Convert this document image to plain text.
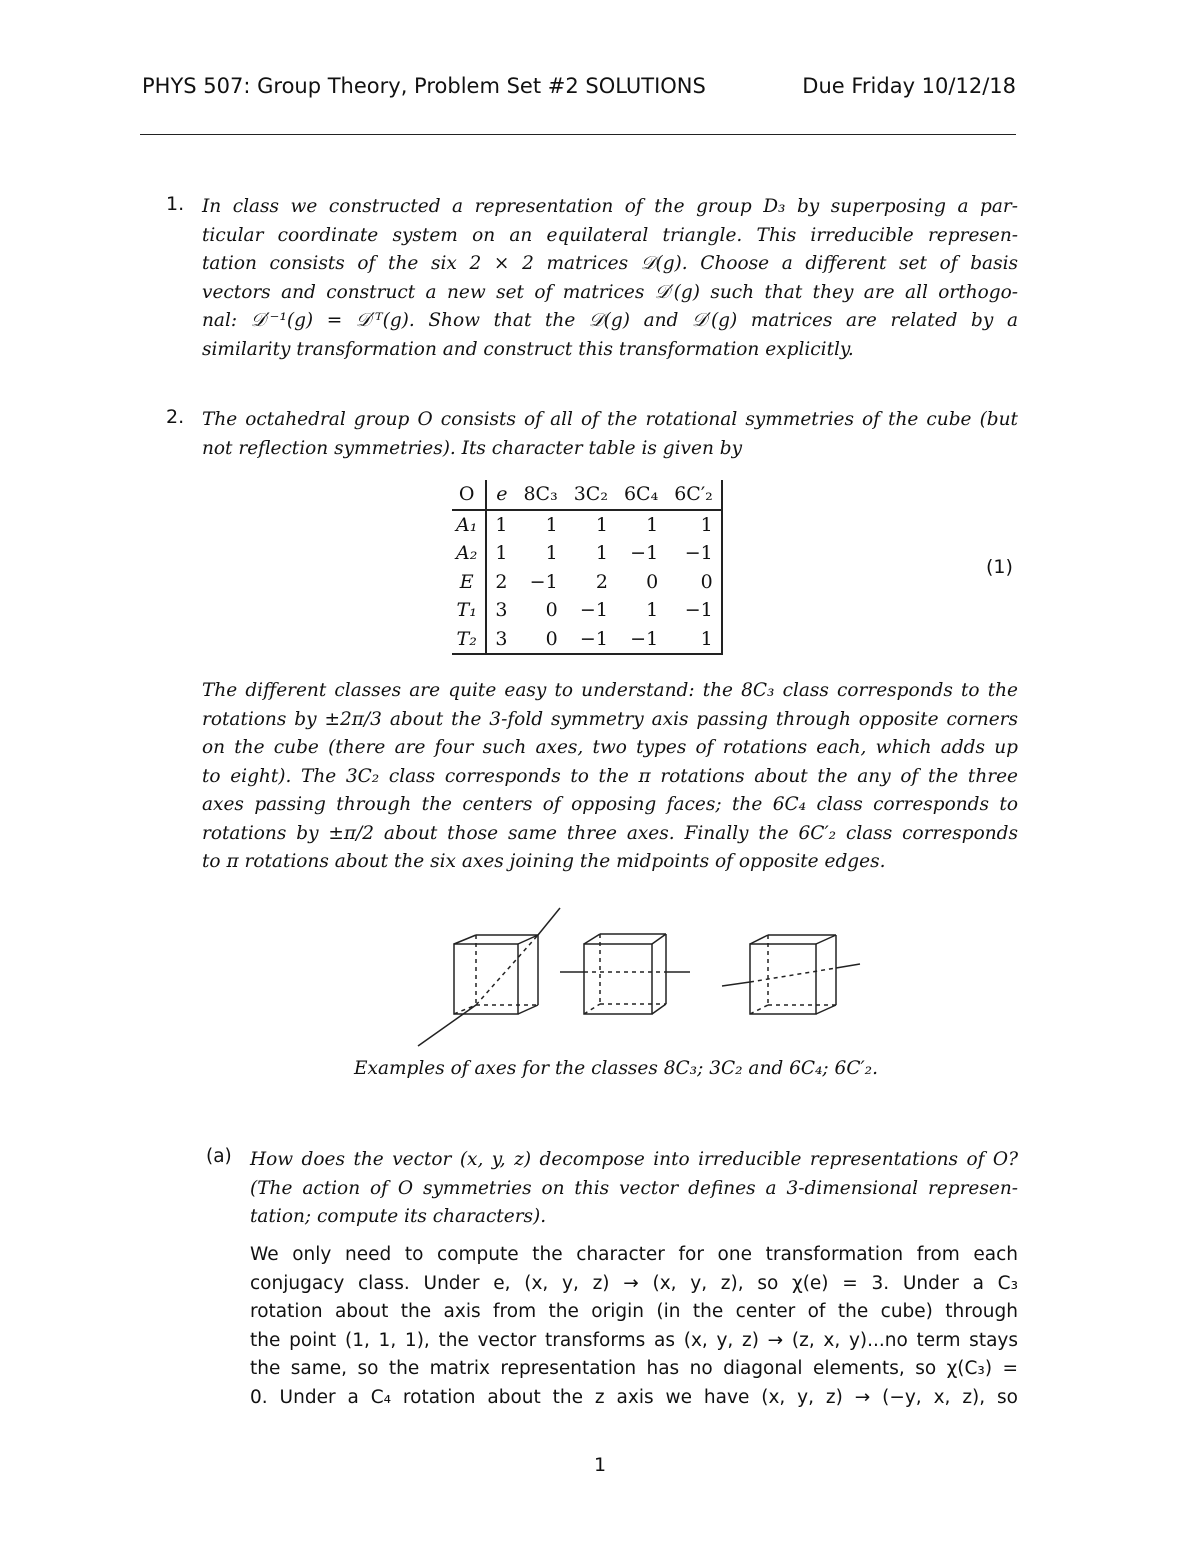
PHYS 507: Group Theory, Problem Set #2 SOLUTIONS	Due Friday 10/12/18
1. In class we constructed a representation of the group D₃ by superposing a par-
ticular coordinate system on an equilateral triangle. This irreducible represen-
tation consists of the six 2 × 2 matrices 𝒟(g). Choose a different set of basis
vectors and construct a new set of matrices 𝒟′(g) such that they are all orthogo-
nal: 𝒟′⁻¹(g) = 𝒟′ᵀ(g). Show that the 𝒟(g) and 𝒟′(g) matrices are related by a
similarity transformation and construct this transformation explicitly.
2. The octahedral group O consists of all of the rotational symmetries of the cube (but
not reflection symmetries). Its character table is given by
O	e	8C₃	3C₂	6C₄	6C′₂
A₁	1	1	1	1	1
A₂	1	1	1	−1	−1
E	2	−1	2	0	0
T₁	3	0	−1	1	−1
T₂	3	0	−1	−1	1
(1)
The different classes are quite easy to understand: the 8C₃ class corresponds to the
rotations by ±2π/3 about the 3-fold symmetry axis passing through opposite corners
on the cube (there are four such axes, two types of rotations each, which adds up
to eight). The 3C₂ class corresponds to the π rotations about the any of the three
axes passing through the centers of opposing faces; the 6C₄ class corresponds to
rotations by ±π/2 about those same three axes. Finally the 6C′₂ class corresponds
to π rotations about the six axes joining the midpoints of opposite edges.
Examples of axes for the classes 8C₃; 3C₂ and 6C₄; 6C′₂.
(a) How does the vector (x, y, z) decompose into irreducible representations of O?
(The action of O symmetries on this vector defines a 3-dimensional represen-
tation; compute its characters).
We only need to compute the character for one transformation from each
conjugacy class. Under e, (x, y, z) → (x, y, z), so χ(e) = 3. Under a C₃
rotation about the axis from the origin (in the center of the cube) through
the point (1, 1, 1), the vector transforms as (x, y, z) → (z, x, y)...no term stays
the same, so the matrix representation has no diagonal elements, so χ(C₃) =
0. Under a C₄ rotation about the z axis we have (x, y, z) → (−y, x, z), so
1
